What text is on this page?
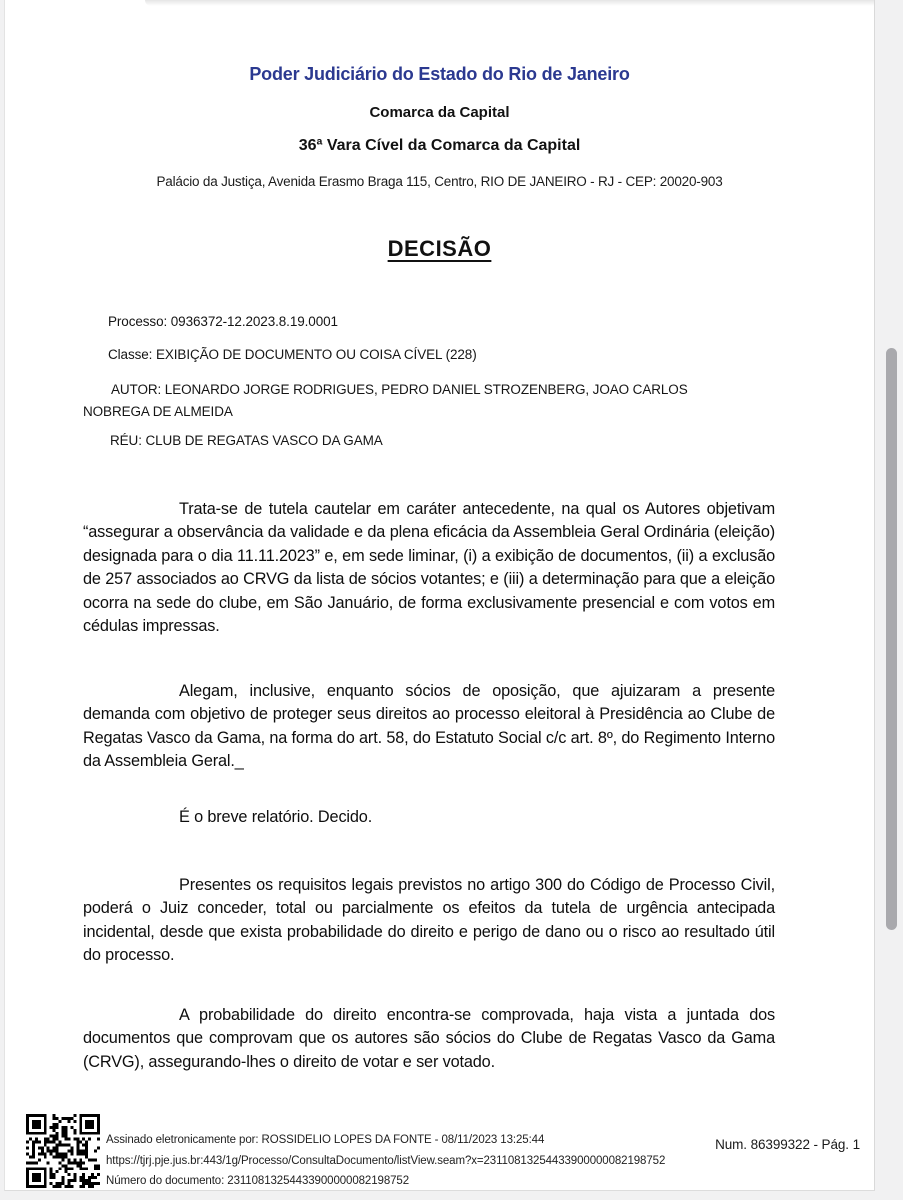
Poder Judiciário do Estado do Rio de Janeiro
Comarca da Capital
36ª Vara Cível da Comarca da Capital
Palácio da Justiça, Avenida Erasmo Braga 115, Centro, RIO DE JANEIRO - RJ - CEP: 20020-903
DECISÃO
Processo: 0936372-12.2023.8.19.0001
Classe: EXIBIÇÃO DE DOCUMENTO OU COISA CÍVEL (228)
AUTOR: LEONARDO JORGE RODRIGUES, PEDRO DANIEL STROZENBERG, JOAO CARLOS NOBREGA DE ALMEIDA
RÉU: CLUB DE REGATAS VASCO DA GAMA

Trata-se de tutela cautelar em caráter antecedente, na qual os Autores objetivam “assegurar a observância da validade e da plena eficácia da Assembleia Geral Ordinária (eleição) designada para o dia 11.11.2023” e, em sede liminar, (i) a exibição de documentos, (ii) a exclusão de 257 associados ao CRVG da lista de sócios votantes; e (iii) a determinação para que a eleição ocorra na sede do clube, em São Januário, de forma exclusivamente presencial e com votos em cédulas impressas.

Alegam, inclusive, enquanto sócios de oposição, que ajuizaram a presente demanda com objetivo de proteger seus direitos ao processo eleitoral à Presidência ao Clube de Regatas Vasco da Gama, na forma do art. 58, do Estatuto Social c/c art. 8º, do Regimento Interno da Assembleia Geral._

É o breve relatório. Decido.

Presentes os requisitos legais previstos no artigo 300 do Código de Processo Civil, poderá o Juiz conceder, total ou parcialmente os efeitos da tutela de urgência antecipada incidental, desde que exista probabilidade do direito e perigo de dano ou o risco ao resultado útil do processo.

A probabilidade do direito encontra-se comprovada, haja vista a juntada dos documentos que comprovam que os autores são sócios do Clube de Regatas Vasco da Gama (CRVG), assegurando-lhes o direito de votar e ser votado.

Assinado eletronicamente por: ROSSIDELIO LOPES DA FONTE - 08/11/2023 13:25:44
https://tjrj.pje.jus.br:443/1g/Processo/ConsultaDocumento/listView.seam?x=23110813254433900000082198752
Número do documento: 23110813254433900000082198752
Num. 86399322 - Pág. 1
